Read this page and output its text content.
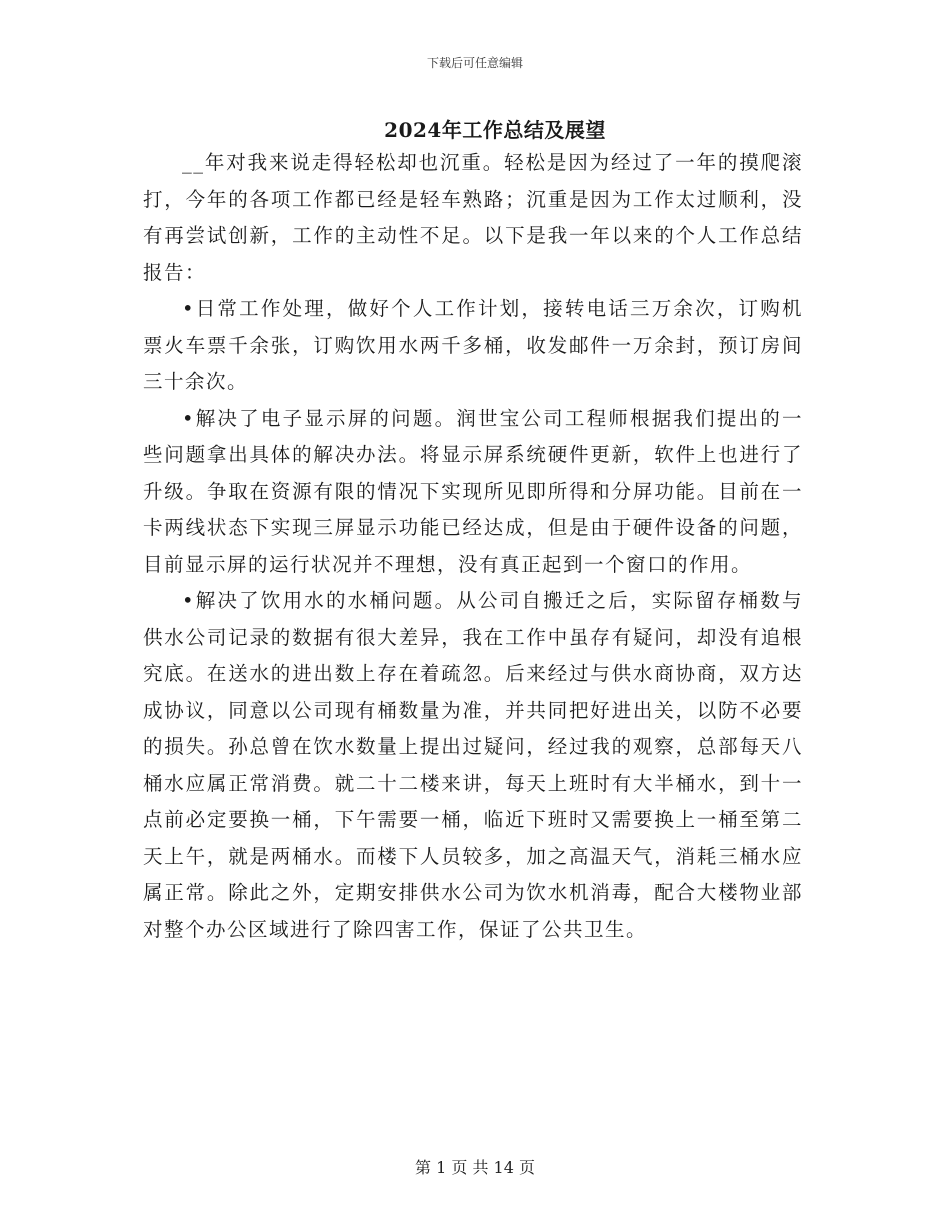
下载后可任意编辑
2024年工作总结及展望

__年对我来说走得轻松却也沉重。轻松是因为经过了一年的摸爬滚打，今年的各项工作都已经是轻车熟路；沉重是因为工作太过顺利，没有再尝试创新，工作的主动性不足。以下是我一年以来的个人工作总结报告：

•日常工作处理，做好个人工作计划，接转电话三万余次，订购机票火车票千余张，订购饮用水两千多桶，收发邮件一万余封，预订房间三十余次。

•解决了电子显示屏的问题。润世宝公司工程师根据我们提出的一些问题拿出具体的解决办法。将显示屏系统硬件更新，软件上也进行了升级。争取在资源有限的情况下实现所见即所得和分屏功能。目前在一卡两线状态下实现三屏显示功能已经达成，但是由于硬件设备的问题，目前显示屏的运行状况并不理想，没有真正起到一个窗口的作用。

•解决了饮用水的水桶问题。从公司自搬迁之后，实际留存桶数与供水公司记录的数据有很大差异，我在工作中虽存有疑问，却没有追根究底。在送水的进出数上存在着疏忽。后来经过与供水商协商，双方达成协议，同意以公司现有桶数量为准，并共同把好进出关，以防不必要的损失。孙总曾在饮水数量上提出过疑问，经过我的观察，总部每天八桶水应属正常消费。就二十二楼来讲，每天上班时有大半桶水，到十一点前必定要换一桶，下午需要一桶，临近下班时又需要换上一桶至第二天上午，就是两桶水。而楼下人员较多，加之高温天气，消耗三桶水应属正常。除此之外，定期安排供水公司为饮水机消毒，配合大楼物业部对整个办公区域进行了除四害工作，保证了公共卫生。

第 1 页 共 14 页
